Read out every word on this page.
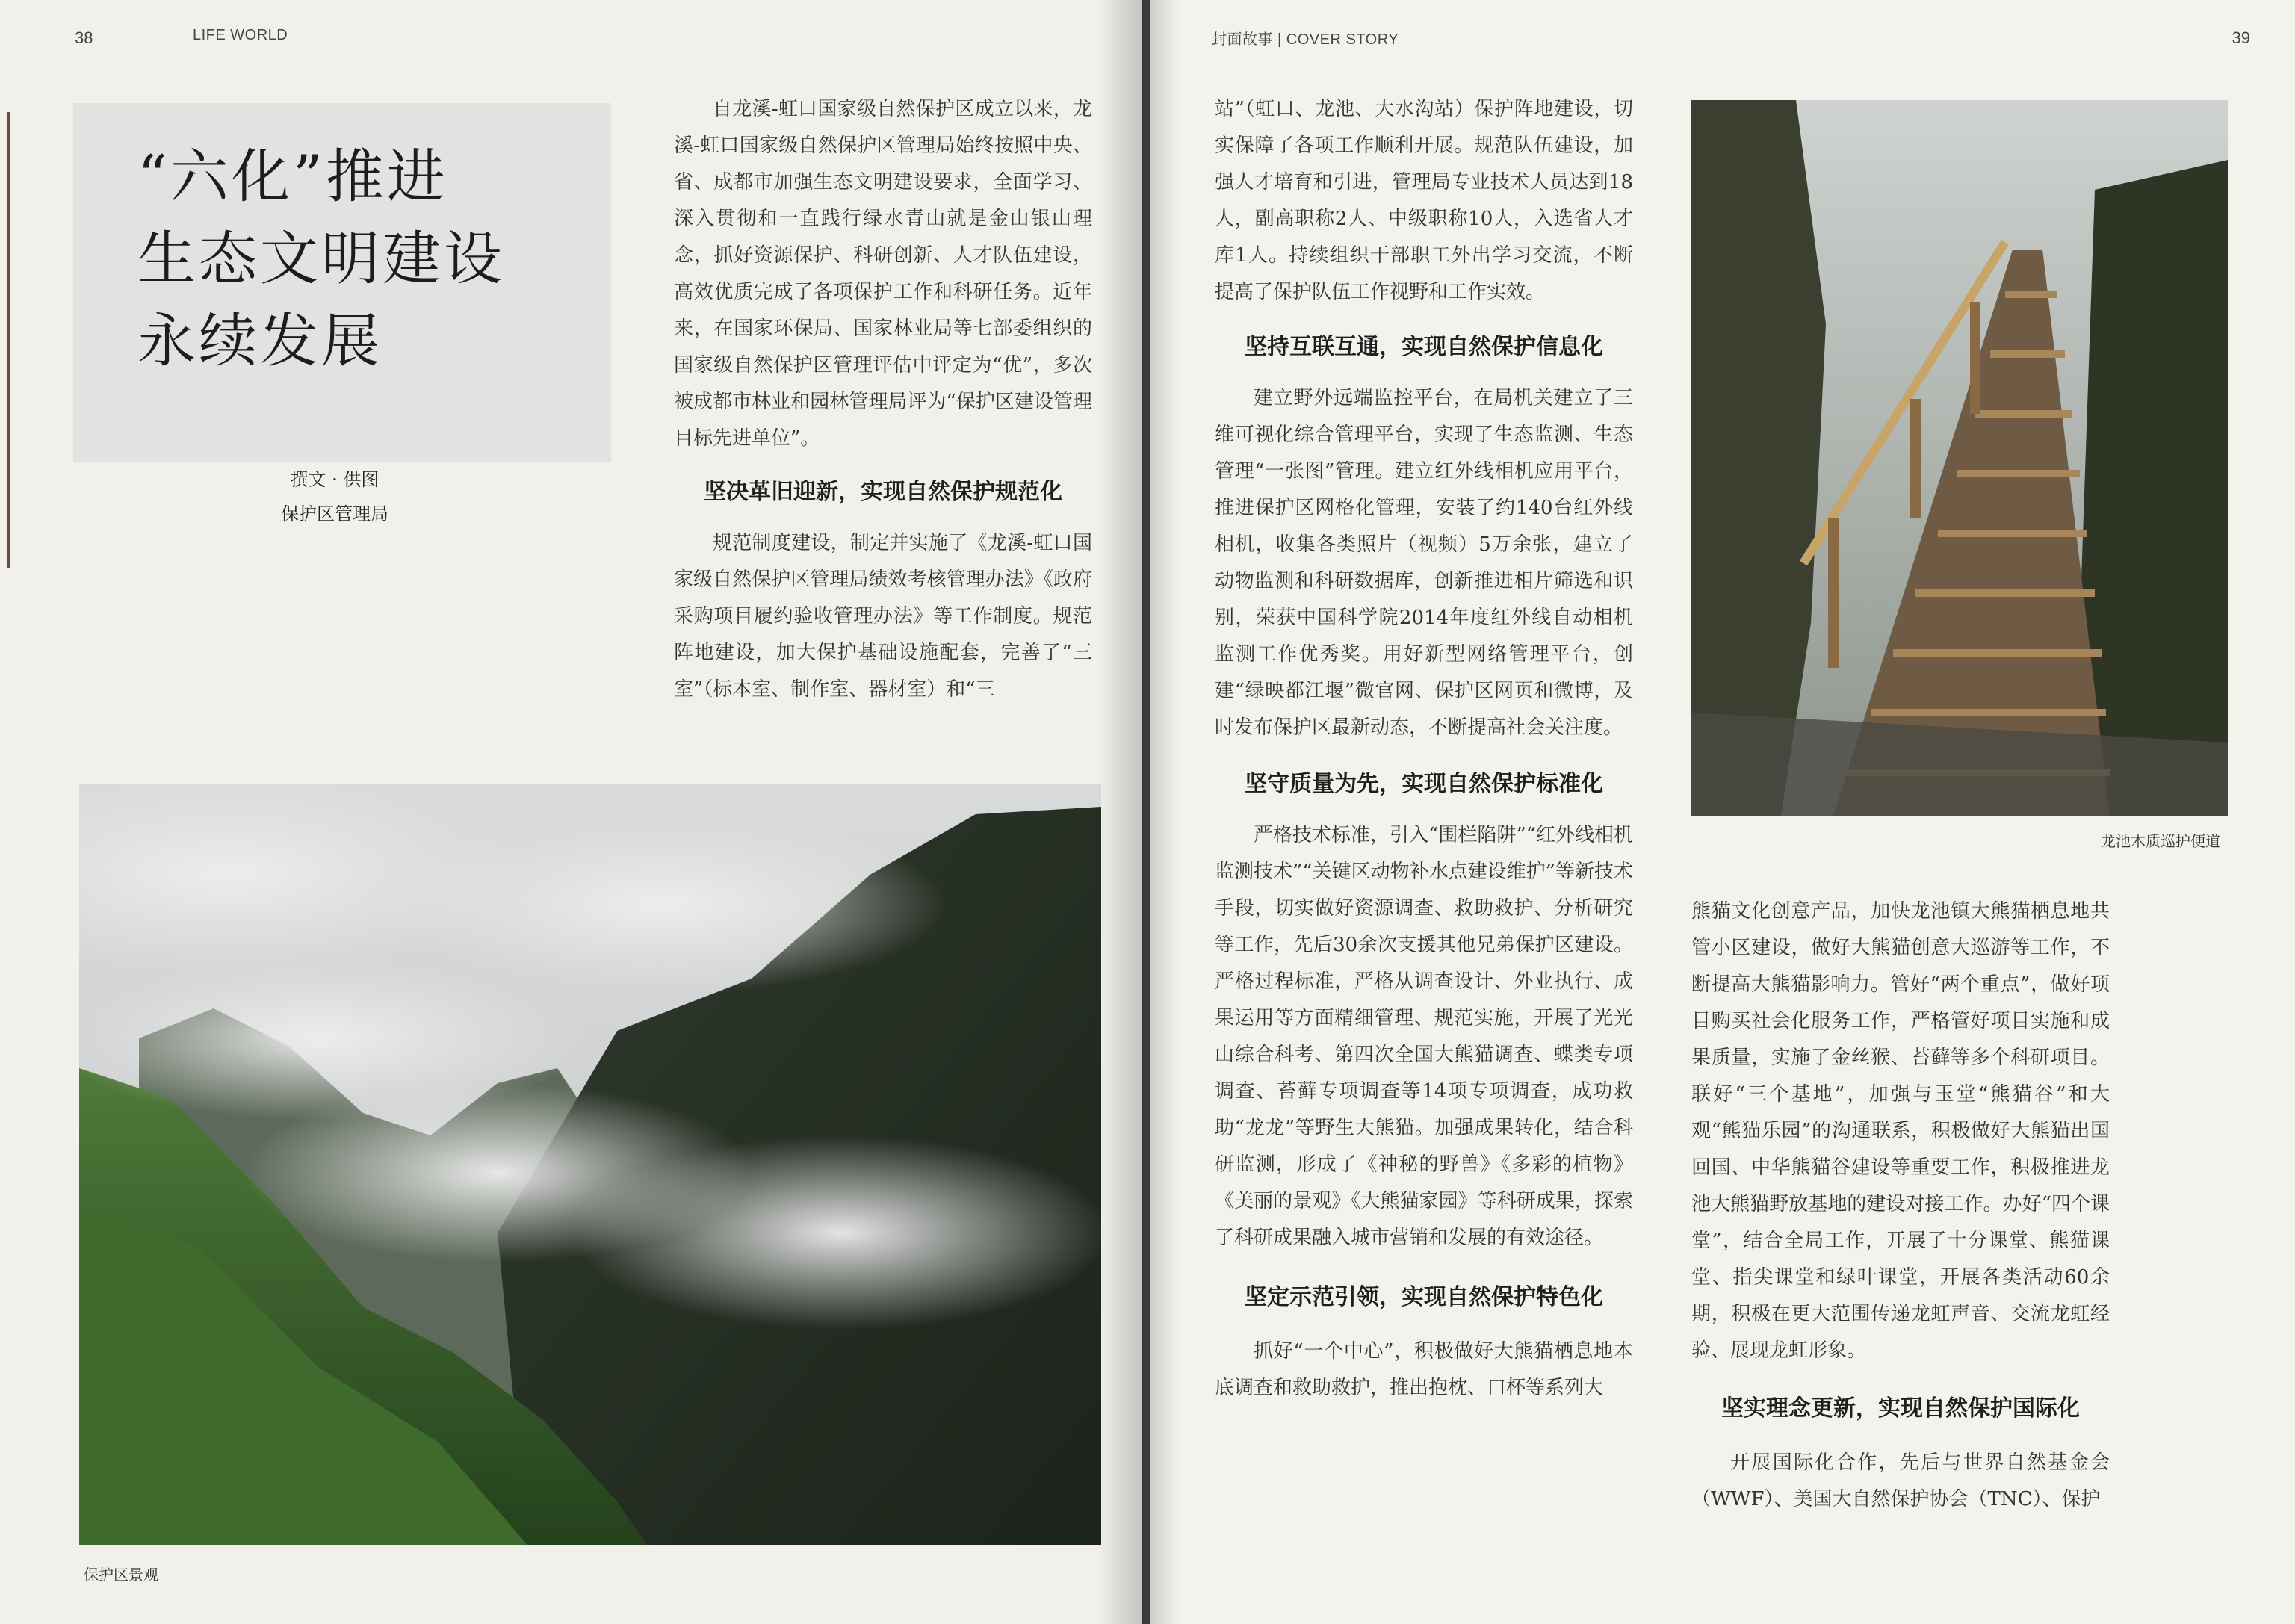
38	LIFE WORLD
“六化”推进
生态文明建设
永续发展
撰文 · 供图
保护区管理局

自龙溪-虹口国家级自然保护区成立以来，龙溪-虹口国家级自然保护区管理局始终按照中央、省、成都市加强生态文明建设要求，全面学习、深入贯彻和一直践行绿水青山就是金山银山理念，抓好资源保护、科研创新、人才队伍建设，高效优质完成了各项保护工作和科研任务。近年来，在国家环保局、国家林业局等七部委组织的国家级自然保护区管理评估中评定为“优”，多次被成都市林业和园林管理局评为“保护区建设管理目标先进单位”。

坚决革旧迎新，实现自然保护规范化

规范制度建设，制定并实施了《龙溪-虹口国家级自然保护区管理局绩效考核管理办法》《政府采购项目履约验收管理办法》等工作制度。规范阵地建设，加大保护基础设施配套，完善了“三室”（标本室、制作室、器材室）和“三

保护区景观
封面故事 | COVER STORY	39

站”（虹口、龙池、大水沟站）保护阵地建设，切实保障了各项工作顺利开展。规范队伍建设，加强人才培育和引进，管理局专业技术人员达到18人，副高职称2人、中级职称10人，入选省人才库1人。持续组织干部职工外出学习交流，不断提高了保护队伍工作视野和工作实效。

坚持互联互通，实现自然保护信息化

建立野外远端监控平台，在局机关建立了三维可视化综合管理平台，实现了生态监测、生态管理“一张图”管理。建立红外线相机应用平台，推进保护区网格化管理，安装了约140台红外线相机，收集各类照片（视频）5万余张，建立了动物监测和科研数据库，创新推进相片筛选和识别，荣获中国科学院2014年度红外线自动相机监测工作优秀奖。用好新型网络管理平台，创建“绿映都江堰”微官网、保护区网页和微博，及时发布保护区最新动态，不断提高社会关注度。

坚守质量为先，实现自然保护标准化

严格技术标准，引入“围栏陷阱”“红外线相机监测技术”“关键区动物补水点建设维护”等新技术手段，切实做好资源调查、救助救护、分析研究等工作，先后30余次支援其他兄弟保护区建设。严格过程标准，严格从调查设计、外业执行、成果运用等方面精细管理、规范实施，开展了光光山综合科考、第四次全国大熊猫调查、蝶类专项调查、苔藓专项调查等14项专项调查，成功救助“龙龙”等野生大熊猫。加强成果转化，结合科研监测，形成了《神秘的野兽》《多彩的植物》《美丽的景观》《大熊猫家园》等科研成果，探索了科研成果融入城市营销和发展的有效途径。

坚定示范引领，实现自然保护特色化

抓好“一个中心”，积极做好大熊猫栖息地本底调查和救助救护，推出抱枕、口杯等系列大

龙池木质巡护便道

熊猫文化创意产品，加快龙池镇大熊猫栖息地共管小区建设，做好大熊猫创意大巡游等工作，不断提高大熊猫影响力。管好“两个重点”，做好项目购买社会化服务工作，严格管好项目实施和成果质量，实施了金丝猴、苔藓等多个科研项目。联好“三个基地”，加强与玉堂“熊猫谷”和大观“熊猫乐园”的沟通联系，积极做好大熊猫出国回国、中华熊猫谷建设等重要工作，积极推进龙池大熊猫野放基地的建设对接工作。办好“四个课堂”，结合全局工作，开展了十分课堂、熊猫课堂、指尖课堂和绿叶课堂，开展各类活动60余期，积极在更大范围传递龙虹声音、交流龙虹经验、展现龙虹形象。

坚实理念更新，实现自然保护国际化

开展国际化合作，先后与世界自然基金会（WWF）、美国大自然保护协会（TNC）、保护
